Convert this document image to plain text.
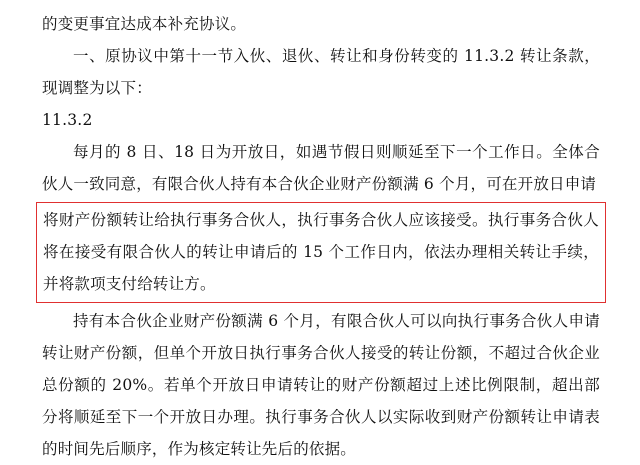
的变更事宜达成本补充协议。

一、原协议中第十一节入伙、退伙、转让和身份转变的 11.3.2 转让条款，现调整为以下：

11.3.2

每月的 8 日、18 日为开放日，如遇节假日则顺延至下一个工作日。全体合伙人一致同意，有限合伙人持有本合伙企业财产份额满 6 个月，可在开放日申请

将财产份额转让给执行事务合伙人，执行事务合伙人应该接受。执行事务合伙人将在接受有限合伙人的转让申请后的 15 个工作日内，依法办理相关转让手续，并将款项支付给转让方。

持有本合伙企业财产份额满 6 个月，有限合伙人可以向执行事务合伙人申请转让财产份额，但单个开放日执行事务合伙人接受的转让份额，不超过合伙企业总份额的 20%。若单个开放日申请转让的财产份额超过上述比例限制，超出部分将顺延至下一个开放日办理。执行事务合伙人以实际收到财产份额转让申请表的时间先后顺序，作为核定转让先后的依据。
